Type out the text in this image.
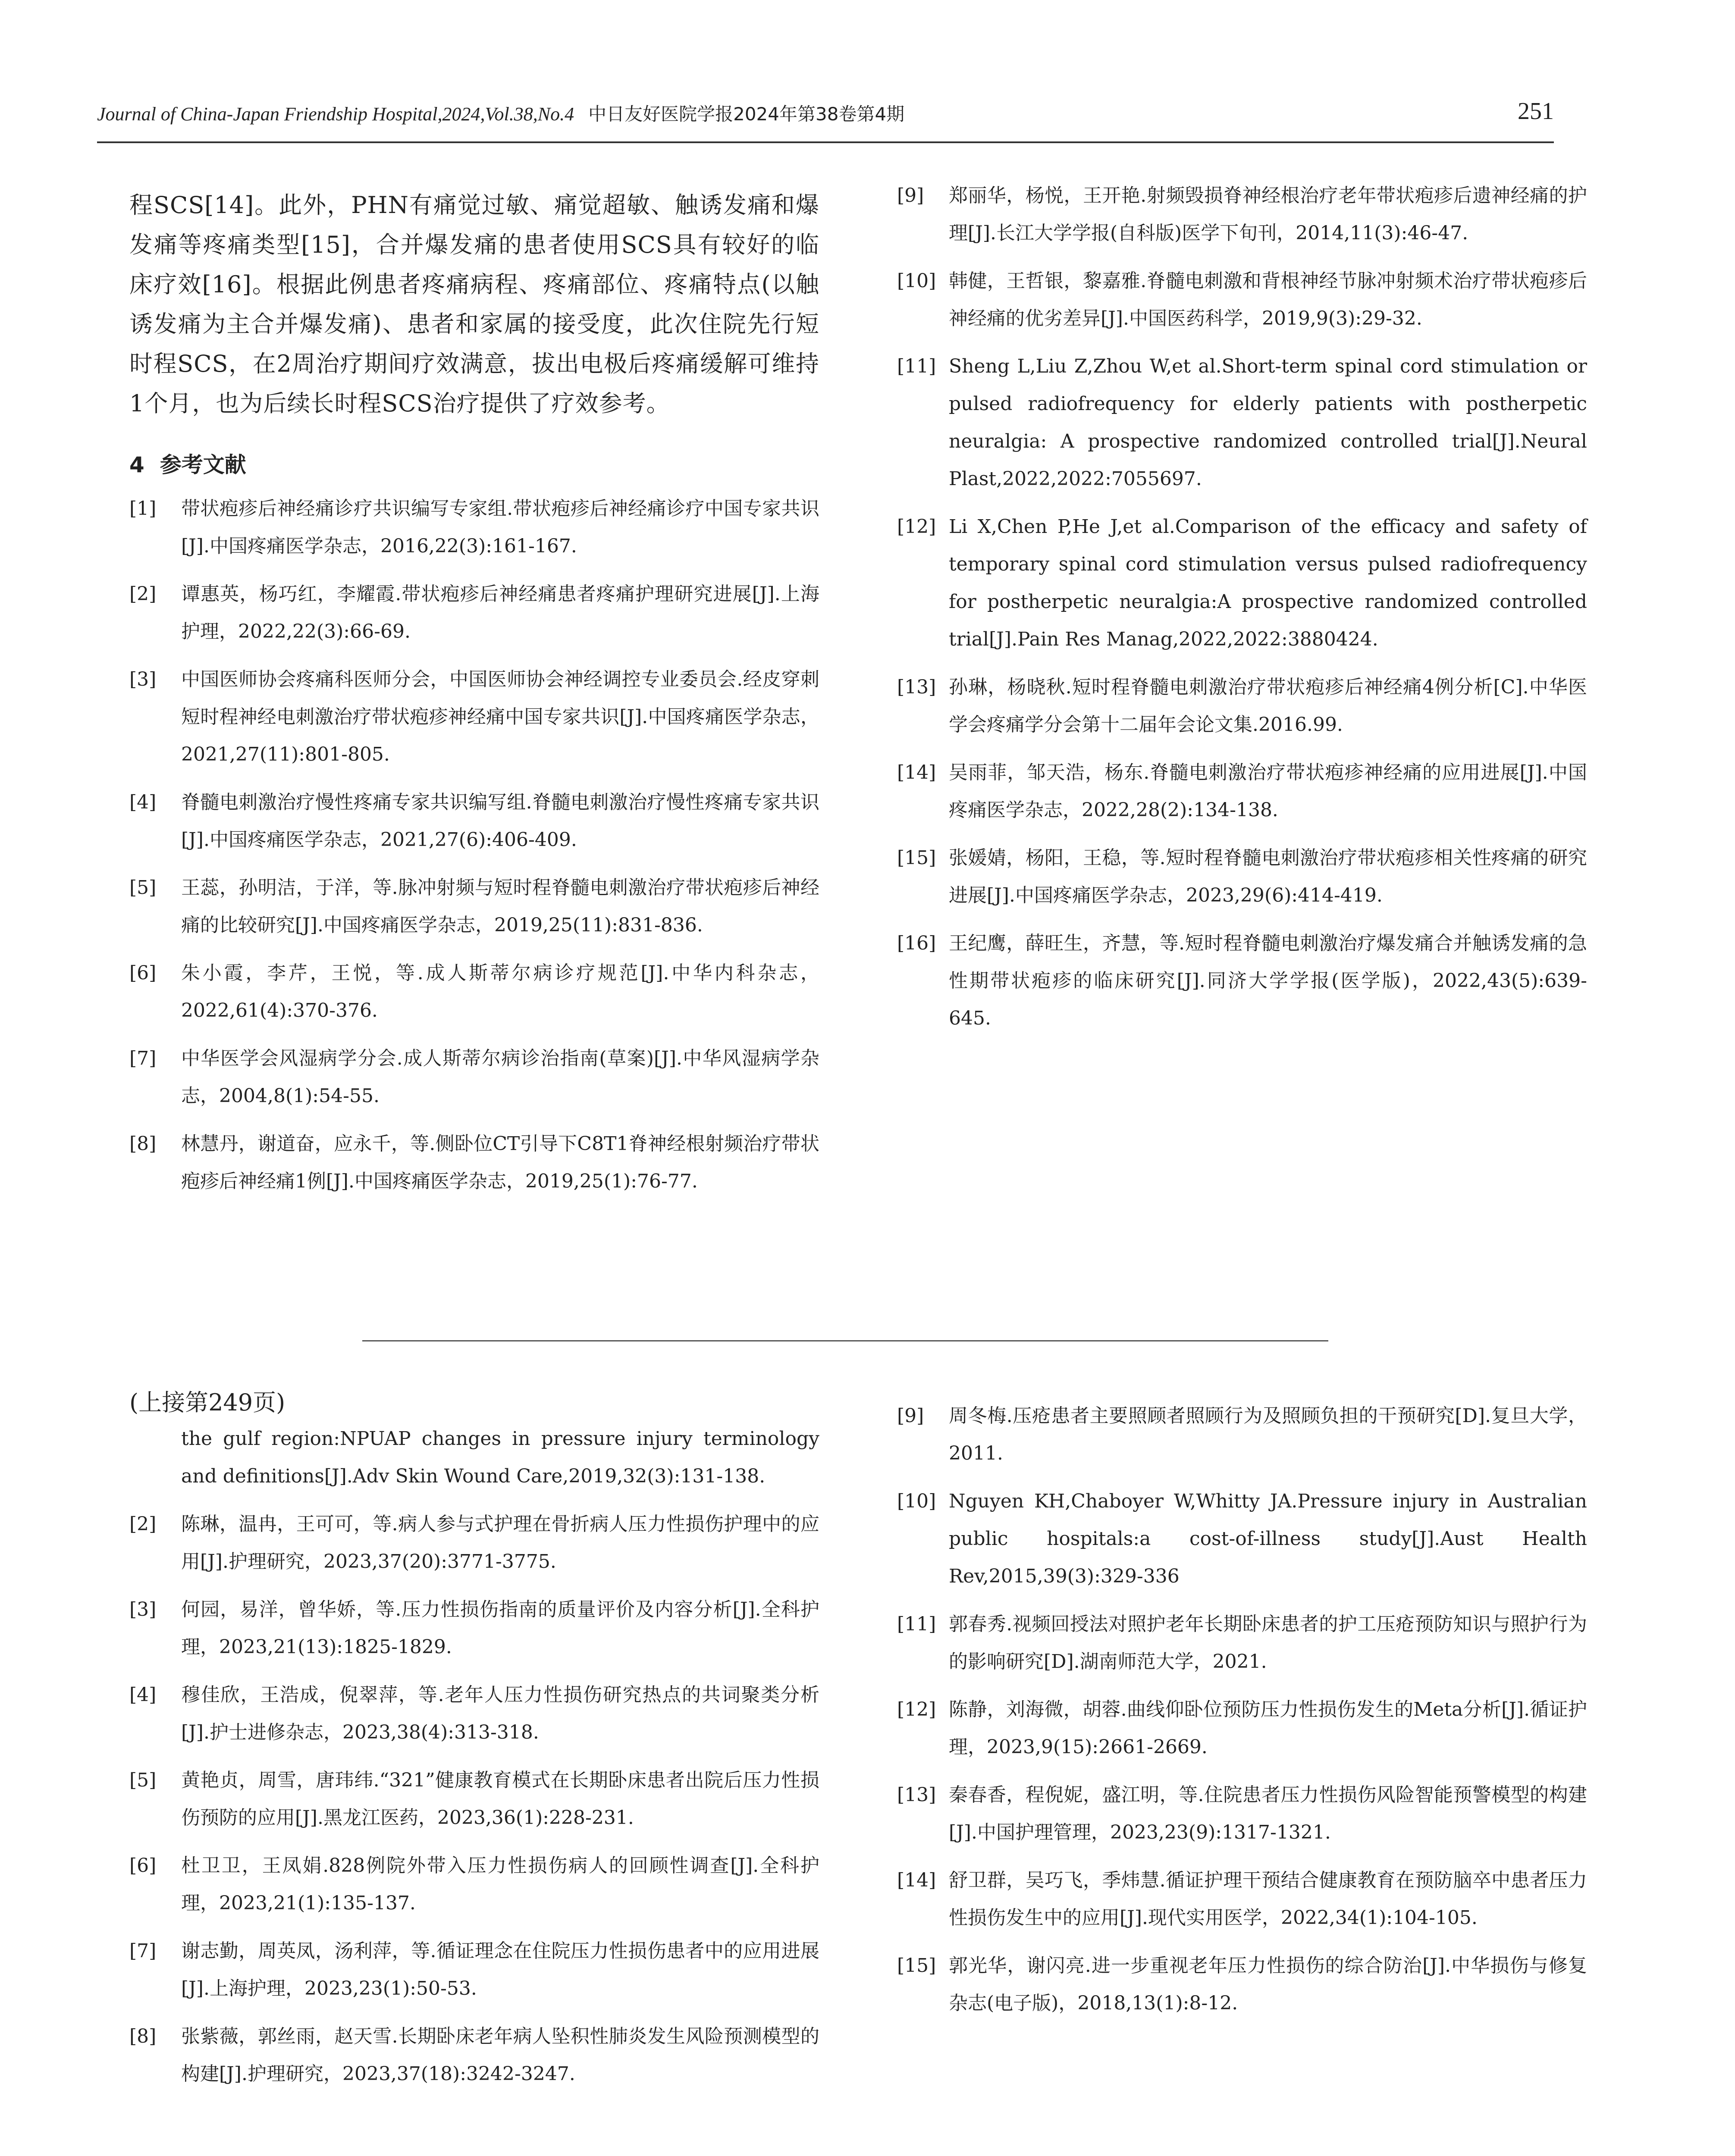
Journal of China-Japan Friendship Hospital,2024,Vol.38,No.4 中日友好医院学报2024年第38卷第4期	251

程SCS[14]。此外，PHN有痛觉过敏、痛觉超敏、触诱发痛和爆发痛等疼痛类型[15]，合并爆发痛的患者使用SCS具有较好的临床疗效[16]。根据此例患者疼痛病程、疼痛部位、疼痛特点(以触诱发痛为主合并爆发痛)、患者和家属的接受度，此次住院先行短时程SCS，在2周治疗期间疗效满意，拔出电极后疼痛缓解可维持1个月，也为后续长时程SCS治疗提供了疗效参考。

4 参考文献
[1] 带状疱疹后神经痛诊疗共识编写专家组.带状疱疹后神经痛诊疗中国专家共识[J].中国疼痛医学杂志，2016,22(3):161-167.
[2] 谭惠英，杨巧红，李耀霞.带状疱疹后神经痛患者疼痛护理研究进展[J].上海护理，2022,22(3):66-69.
[3] 中国医师协会疼痛科医师分会，中国医师协会神经调控专业委员会.经皮穿刺短时程神经电刺激治疗带状疱疹神经痛中国专家共识[J].中国疼痛医学杂志，2021,27(11):801-805.
[4] 脊髓电刺激治疗慢性疼痛专家共识编写组.脊髓电刺激治疗慢性疼痛专家共识[J].中国疼痛医学杂志，2021,27(6):406-409.
[5] 王蕊，孙明洁，于洋，等.脉冲射频与短时程脊髓电刺激治疗带状疱疹后神经痛的比较研究[J].中国疼痛医学杂志，2019,25(11):831-836.
[6] 朱小霞，李芹，王悦，等.成人斯蒂尔病诊疗规范[J].中华内科杂志，2022,61(4):370-376.
[7] 中华医学会风湿病学分会.成人斯蒂尔病诊治指南(草案)[J].中华风湿病学杂志，2004,8(1):54-55.
[8] 林慧丹，谢道奋，应永千，等.侧卧位CT引导下C8T1脊神经根射频治疗带状疱疹后神经痛1例[J].中国疼痛医学杂志，2019,25(1):76-77.
[9] 郑丽华，杨悦，王开艳.射频毁损脊神经根治疗老年带状疱疹后遗神经痛的护理[J].长江大学学报(自科版)医学下旬刊，2014,11(3):46-47.
[10] 韩健，王哲银，黎嘉雅.脊髓电刺激和背根神经节脉冲射频术治疗带状疱疹后神经痛的优劣差异[J].中国医药科学，2019,9(3):29-32.
[11] Sheng L,Liu Z,Zhou W,et al.Short-term spinal cord stimulation or pulsed radiofrequency for elderly patients with postherpetic neuralgia: A prospective randomized controlled trial[J].Neural Plast,2022,2022:7055697.
[12] Li X,Chen P,He J,et al.Comparison of the efficacy and safety of temporary spinal cord stimulation versus pulsed radiofrequency for postherpetic neuralgia:A prospective randomized controlled trial[J].Pain Res Manag,2022,2022:3880424.
[13] 孙琳，杨晓秋.短时程脊髓电刺激治疗带状疱疹后神经痛4例分析[C].中华医学会疼痛学分会第十二届年会论文集.2016.99.
[14] 吴雨菲，邹天浩，杨东.脊髓电刺激治疗带状疱疹神经痛的应用进展[J].中国疼痛医学杂志，2022,28(2):134-138.
[15] 张媛婧，杨阳，王稳，等.短时程脊髓电刺激治疗带状疱疹相关性疼痛的研究进展[J].中国疼痛医学杂志，2023,29(6):414-419.
[16] 王纪鹰，薛旺生，齐慧，等.短时程脊髓电刺激治疗爆发痛合并触诱发痛的急性期带状疱疹的临床研究[J].同济大学学报(医学版)，2022,43(5):639-645.
(上接第249页)
the gulf region:NPUAP changes in pressure injury terminology and definitions[J].Adv Skin Wound Care,2019,32(3):131-138.
[2] 陈琳，温冉，王可可，等.病人参与式护理在骨折病人压力性损伤护理中的应用[J].护理研究，2023,37(20):3771-3775.
[3] 何园，易洋，曾华娇，等.压力性损伤指南的质量评价及内容分析[J].全科护理，2023,21(13):1825-1829.
[4] 穆佳欣，王浩成，倪翠萍，等.老年人压力性损伤研究热点的共词聚类分析[J].护士进修杂志，2023,38(4):313-318.
[5] 黄艳贞，周雪，唐玮纬.“321”健康教育模式在长期卧床患者出院后压力性损伤预防的应用[J].黑龙江医药，2023,36(1):228-231.
[6] 杜卫卫，王凤娟.828例院外带入压力性损伤病人的回顾性调查[J].全科护理，2023,21(1):135-137.
[7] 谢志勤，周英凤，汤利萍，等.循证理念在住院压力性损伤患者中的应用进展[J].上海护理，2023,23(1):50-53.
[8] 张紫薇，郭丝雨，赵天雪.长期卧床老年病人坠积性肺炎发生风险预测模型的构建[J].护理研究，2023,37(18):3242-3247.
[9] 周冬梅.压疮患者主要照顾者照顾行为及照顾负担的干预研究[D].复旦大学，2011.
[10] Nguyen KH,Chaboyer W,Whitty JA.Pressure injury in Australian public hospitals:a cost-of-illness study[J].Aust Health Rev,2015,39(3):329-336
[11] 郭春秀.视频回授法对照护老年长期卧床患者的护工压疮预防知识与照护行为的影响研究[D].湖南师范大学，2021.
[12] 陈静，刘海微，胡蓉.曲线仰卧位预防压力性损伤发生的Meta分析[J].循证护理，2023,9(15):2661-2669.
[13] 秦春香，程倪妮，盛江明，等.住院患者压力性损伤风险智能预警模型的构建[J].中国护理管理，2023,23(9):1317-1321.
[14] 舒卫群，吴巧飞，季炜慧.循证护理干预结合健康教育在预防脑卒中患者压力性损伤发生中的应用[J].现代实用医学，2022,34(1):104-105.
[15] 郭光华，谢闪亮.进一步重视老年压力性损伤的综合防治[J].中华损伤与修复杂志(电子版)，2018,13(1):8-12.
